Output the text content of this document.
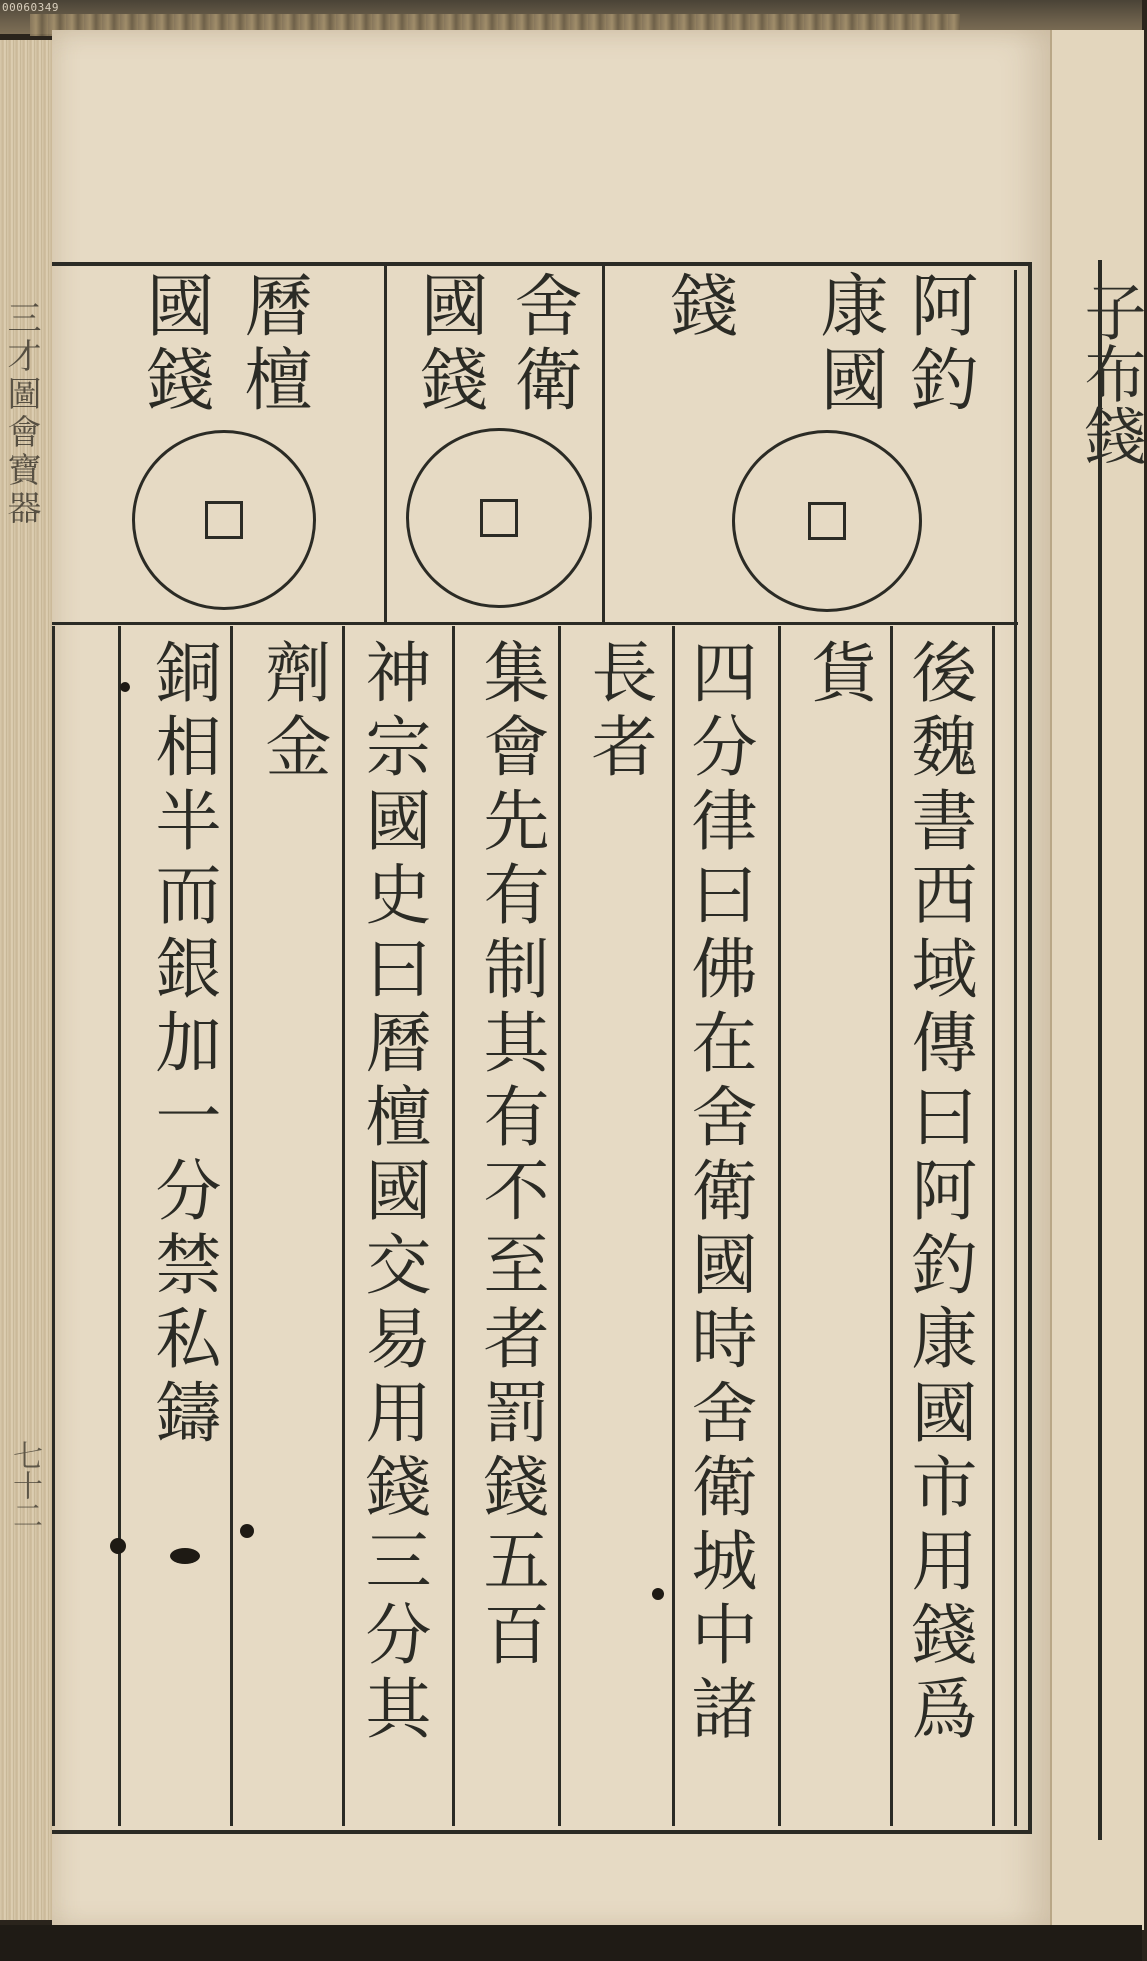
00060349
三才圖會寶器
七十二
子布錢
阿釣
康國
錢
後魏書西域傳曰阿釣康國市用錢爲貨
舍衛
國錢
四分律曰佛在舍衛國時舍衛城中諸長者
集會先有制其有不至者罰錢五百
曆檀
國錢
神宗國史曰曆檀國交易用錢三分其劑金
銅相半而銀加一分禁私鑄
